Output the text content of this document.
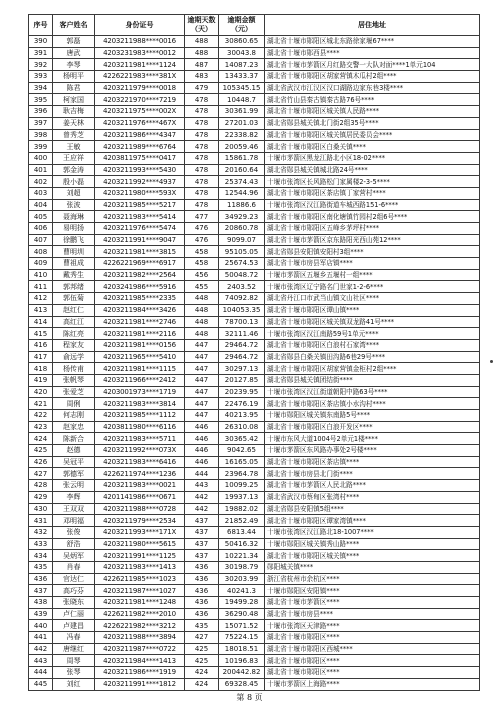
序号	客户姓名	身份证号	逾期天数（天）	逾期金额（元）	居住地址
390	郭磊	4203211988****0016	488	30860.65	湖北省十堰市郧阳区城北东路徐家堰67****
391	唐武	4203231983****0012	488	30043.8	湖北省十堰市郧西县****
392	李琴	4203211981****1124	487	14087.23	湖北省十堰市茅箭区月红路交警一大队对面****1单元104
393	杨明平	4226221983****381X	483	13433.37	湖北省十堰市郧阳区胡家营镇木瓜村2组****
394	陈君	4203211979****0018	479	105345.15	湖北省武汉市江汉区汉口湖路边家东巷3楼****
395	柯家国	4203221970****7219	478	10448.7	湖北省竹山县秦古镇秦古路76号****
396	耿吉梅	4203211975****002X	478	30361.99	湖北省十堰市郧阳区城关镇人民路****
397	姜天林	4203211976****467X	478	27201.03	湖北省郧县城关镇北门街2组35号****
398	曾秀芝	4203211986****4347	478	22338.82	湖北省十堰市郧阳区城关镇居民委员会****
399	王敏	4203211989****6764	478	20059.46	湖北省十堰市郧阳区白桑关镇****
400	王应祥	4203811975****0417	478	15861.78	十堰市茅箭区黑龙江路北小区18-02****
401	郭金涛	4203211993****5430	478	20160.64	湖北省郧县城关镇城北路24号****
402	殷小磊	4203211992****4937	478	25374.43	十堰市张湾区长风路松门家属楼2-3-5****
403	刘超	4203211980****593X	478	12544.96	湖北省十堰市郧阳区茶店镇丁家营村****
404	张波	4203211985****5217	478	11886.6	十堰市张湾区汉江路街道车城西路151-6****
405	聂海琳	4203211983****5414	477	34929.23	湖北省十堰市郧阳区南化塘镇竹园村2组6号****
406	易明扬	4203211976****5474	476	20860.78	湖北省十堰市郧阳区五峰乡茅坪村****
407	徐鹏飞	4203211991****9047	476	9099.07	湖北省十堰市茅箭区京东路阳光西山苑12****
408	曹明圳	4203211981****3815	458	95105.05	湖北省郧县安阳镇安阳村3组****
409	曹祖成	4226221969****6917	458	25674.53	湖北省十堰市房县军店镇****
410	戴秀生	4203211982****2564	456	50048.72	十堰市茅箭区五堰乡五堰村一组****
411	郭邦绪	4203241986****5916	455	2403.52	十堰市张湾区辽宁路名门世家1-2-6****
412	郭伍菊	4203211985****2335	448	74092.82	湖北省丹江口市武当山镇文山社区****
413	赵红仁	4203211984****3426	448	104053.35	湖北省十堰市郧阳区谭山镇****
414	高红江	4203211981****2746	448	78700.13	湖北省十堰市郧阳区城关镇双龙路41号****
415	陈红亮	4203211981****2116	448	32111.46	十堰市张湾区汉江南路59号1单元****
416	程家友	4203211981****0156	447	29464.72	湖北省十堰市郧阳区白浪村石家湾****
417	俞远学	4203211965****5410	447	29464.72	湖北省郧县白桑关镇田沟路6巷29号****
418	杨传甫	4203211981****1115	447	30297.13	湖北省十堰市郧阳区胡家营镇金柜村2组****
419	张帆琴	4203211966****2412	447	20127.85	湖北省郧县城关镇团结街****
420	张爱芝	4203001973****1719	447	20239.95	十堰市张湾区汉江街道朝阳中路63号****
421	周俐	4203211983****3814	447	22476.19	湖北省十堰市郧阳区茶店镇小水沟村****
422	何志刚	4203211985****1112	447	40213.95	十堰市郧阳区城关镇东南路5号****
423	赵家忠	4203811980****6116	446	26310.08	湖北省十堰市郧阳区白浪开发区****
424	陈新合	4203211983****5711	446	30365.42	十堰市东风大道1004号2单元1楼****
425	赵德	4203211992****073X	446	9042.65	十堰市茅箭区东风路办事处2号楼****
426	吴冠平	4203211983****6416	446	16165.05	湖北省十堰市郧阳区茶店镇****
427	郭德军	4226211974****1236	444	23964.78	湖北省十堰市房县北门街****
428	张云明	4203211983****0021	443	10099.25	湖北省十堰市茅箭区人民北路****
429	李辉	4201141986****0671	442	19937.13	湖北省武汉市蔡甸区张湾村****
430	王双双	4203211988****0728	442	19882.02	湖北省郧县安阳镇5组****
431	邓明福	4203211979****2534	437	21852.49	湖北省十堰市郧阳区谭家湾镇****
432	张俊	4203211993****171X	437	6813.44	十堰市张湾区汉江路北18-1007****
433	舒浩	4203211980****5615	437	50416.32	十堰市郧阳区城关镇秀山路****
434	吴炳军	4203211991****1125	437	10221.34	湖北省十堰市郧阳区城关镇****
435	肖春	4203211983****1413	436	30198.79	郧阳城关镇****
436	官达仁	4226211985****1023	436	30203.99	浙江省杭州市余杭区****
437	高巧芬	4203211987****1027	436	40241.3	十堰市郧阳区安阳镇****
438	张晓东	4203211981****1248	436	19499.28	湖北省十堰市茅箭区****
439	卢仁丽	4226211982****2010	436	36290.48	湖北省十堰市房县****
440	卢建昌	4226221982****3212	435	15071.52	十堰市张湾区天津路****
441	冯春	4203211988****3894	427	75224.15	湖北省十堰市郧阳区****
442	唐继红	4203211987****0722	425	18018.51	湖北省十堰市郧阳区西城****
443	周琴	4203211984****1413	425	10196.83	湖北省十堰市郧阳区****
444	张琴	4203211986****1919	424	200442.82	湖北省十堰市郧阳区****
445	刘红	4203211991****1812	424	69328.45	十堰市茅箭区上海路****
第 8 页
